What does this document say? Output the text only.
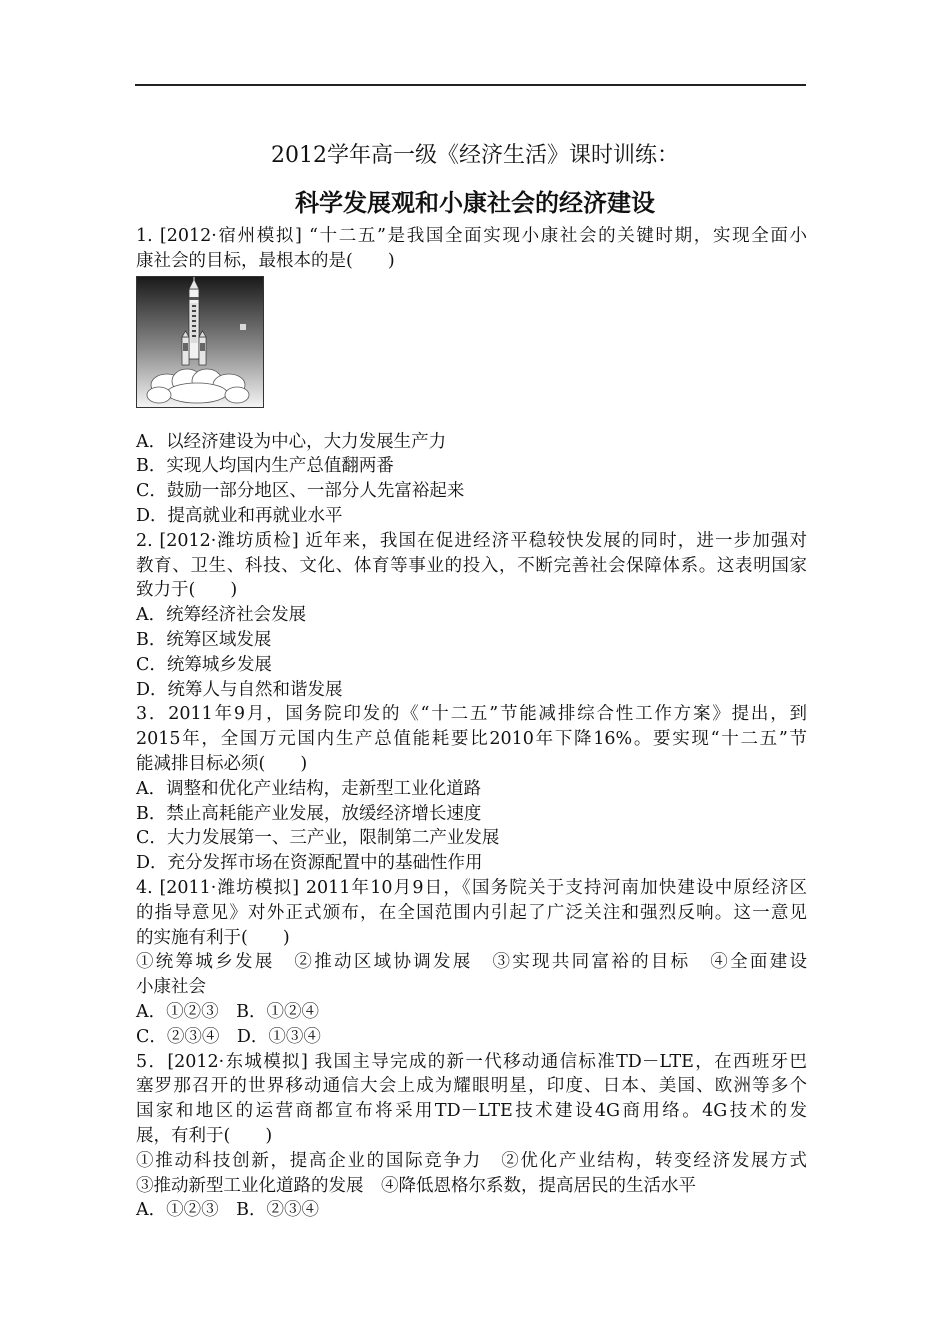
2012学年高一级《经济生活》课时训练：
科学发展观和小康社会的经济建设
1. [2012·宿州模拟] “十二五”是我国全面实现小康社会的关键时期，实现全面小
康社会的目标，最根本的是(　　)
A．以经济建设为中心，大力发展生产力
B．实现人均国内生产总值翻两番
C．鼓励一部分地区、一部分人先富裕起来
D．提高就业和再就业水平
2. [2012·潍坊质检] 近年来，我国在促进经济平稳较快发展的同时，进一步加强对
教育、卫生、科技、文化、体育等事业的投入，不断完善社会保障体系。这表明国家
致力于(　　)
A．统筹经济社会发展
B．统筹区域发展
C．统筹城乡发展
D．统筹人与自然和谐发展
3．2011年9月，国务院印发的《“十二五”节能减排综合性工作方案》提出，到
2015年，全国万元国内生产总值能耗要比2010年下降16%。要实现“十二五”节
能减排目标必须(　　)
A．调整和优化产业结构，走新型工业化道路
B．禁止高耗能产业发展，放缓经济增长速度
C．大力发展第一、三产业，限制第二产业发展
D．充分发挥市场在资源配置中的基础性作用
4. [2011·潍坊模拟] 2011年10月9日，《国务院关于支持河南加快建设中原经济区
的指导意见》对外正式颁布，在全国范围内引起了广泛关注和强烈反响。这一意见
的实施有利于(　　)
①统筹城乡发展　②推动区域协调发展　③实现共同富裕的目标　④全面建设
小康社会
A．①②③　B．①②④
C．②③④　D．①③④
5．[2012·东城模拟] 我国主导完成的新一代移动通信标准TD－LTE，在西班牙巴
塞罗那召开的世界移动通信大会上成为耀眼明星，印度、日本、美国、欧洲等多个
国家和地区的运营商都宣布将采用TD－LTE技术建设4G商用络。4G技术的发
展，有利于(　　)
①推动科技创新，提高企业的国际竞争力　②优化产业结构，转变经济发展方式
③推动新型工业化道路的发展　④降低恩格尔系数，提高居民的生活水平
A．①②③　B．②③④
